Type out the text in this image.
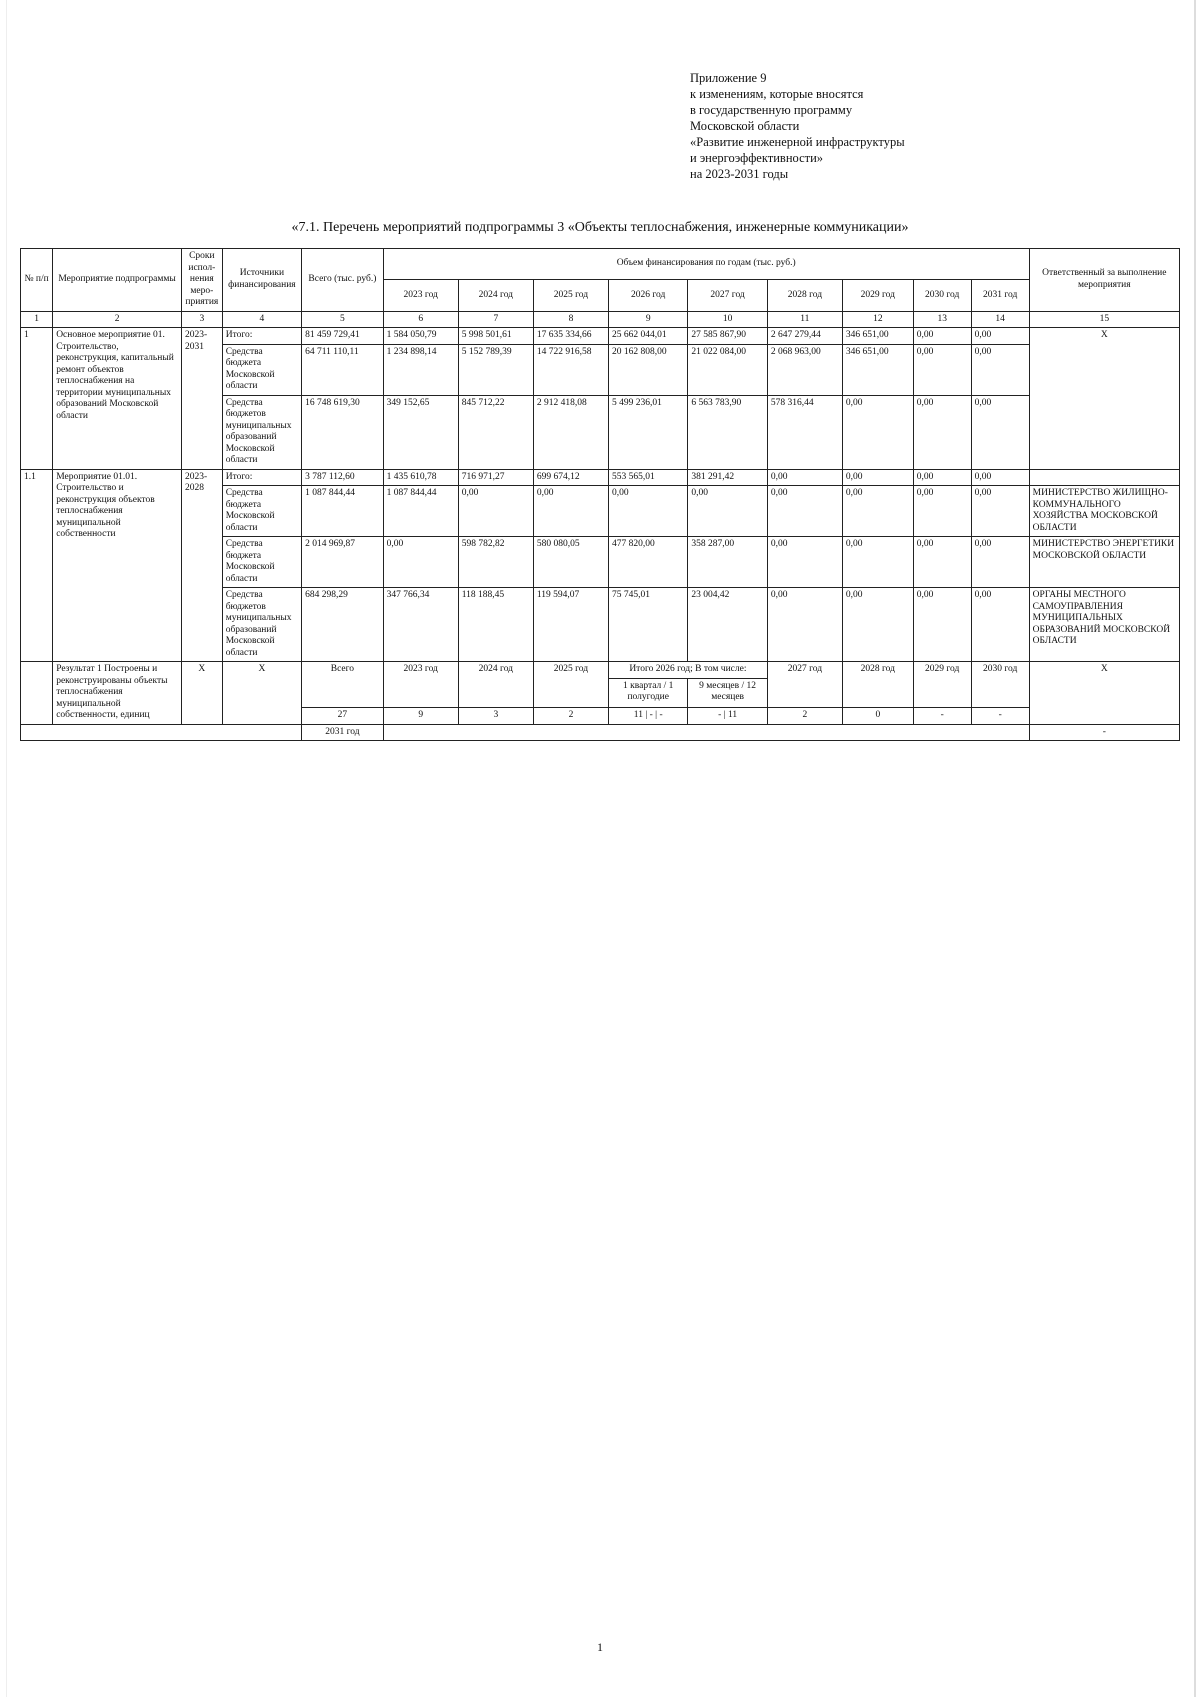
Приложение 9
к изменениям, которые вносятся
в государственную программу
Московской области
«Развитие инженерной инфраструктуры
и энергоэффективности»
на 2023-2031 годы
«7.1. Перечень мероприятий подпрограммы 3 «Объекты теплоснабжения, инженерные коммуникации»
№ п/п	Мероприятие подпрограммы	Сроки испол-нения меро-приятия	Источники финансирования	Всего (тыс. руб.)	Объем финансирования по годам (тыс. руб.)									Ответственный за выполнение мероприятия
					2023 год	2024 год	2025 год	2026 год	2027 год	2028 год	2029 год	2030 год	2031 год	
1	2	3	4	5	6	7	8	9	10	11	12	13	14	15
1	Основное мероприятие 01. Строительство, реконструкция, капитальный ремонт объектов теплоснабжения на территории муниципальных образований Московской области	2023-2031	Итого:	81 459 729,41	1 584 050,79	5 998 501,61	17 635 334,66	25 662 044,01	27 585 867,90	2 647 279,44	346 651,00	0,00	0,00	Х
			Средства бюджета Московской области	64 711 110,11	1 234 898,14	5 152 789,39	14 722 916,58	20 162 808,00	21 022 084,00	2 068 963,00	346 651,00	0,00	0,00	
			Средства бюджетов муниципальных образований Московской области	16 748 619,30	349 152,65	845 712,22	2 912 418,08	5 499 236,01	6 563 783,90	578 316,44	0,00	0,00	0,00	
1.1	Мероприятие 01.01. Строительство и реконструкция объектов теплоснабжения муниципальной собственности	2023-2028	Итого:	3 787 112,60	1 435 610,78	716 971,27	699 674,12	553 565,01	381 291,42	0,00	0,00	0,00	0,00	
			Средства бюджета Московской области	1 087 844,44	1 087 844,44	0,00	0,00	0,00	0,00	0,00	0,00	0,00	0,00	МИНИСТЕРСТВО ЖИЛИЩНО-КОММУНАЛЬНОГО ХОЗЯЙСТВА МОСКОВСКОЙ ОБЛАСТИ
			Средства бюджета Московской области	2 014 969,87	0,00	598 782,82	580 080,05	477 820,00	358 287,00	0,00	0,00	0,00	0,00	МИНИСТЕРСТВО ЭНЕРГЕТИКИ МОСКОВСКОЙ ОБЛАСТИ
			Средства бюджетов муниципальных образований Московской области	684 298,29	347 766,34	118 188,45	119 594,07	75 745,01	23 004,42	0,00	0,00	0,00	0,00	ОРГАНЫ МЕСТНОГО САМОУПРАВЛЕНИЯ МУНИЦИПАЛЬНЫХ ОБРАЗОВАНИЙ МОСКОВСКОЙ ОБЛАСТИ
	Результат 1 Построены и реконструированы объекты теплоснабжения муниципальной собственности, единиц	Х	Х	Всего	2023 год	2024 год	2025 год	Итого 2026 год; В том числе:		2027 год	2028 год	2029 год	2030 год	Х
								1 квартал / 1 полугодие	9 месяцев / 12 месяцев					
				27	9	3	2	11 | - | -	- | 11	2	0	-	-	
				2031 год										-
1
